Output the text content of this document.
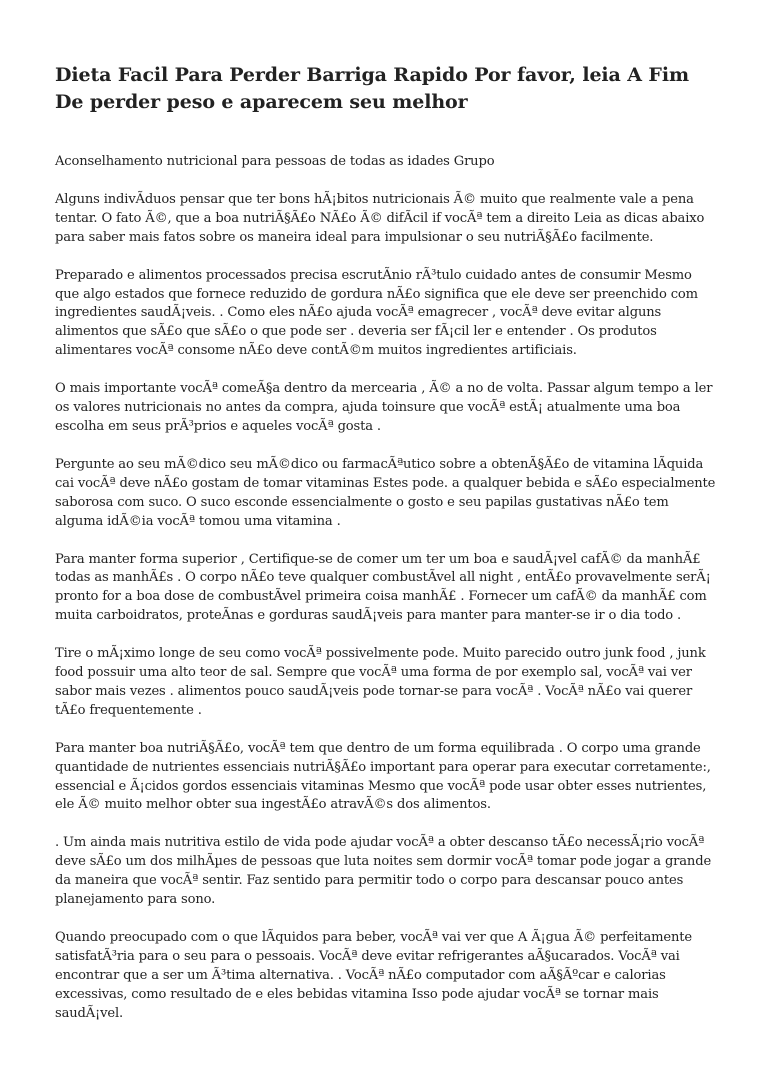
Dieta Facil Para Perder Barriga Rapido Por favor, leia A Fim De perder peso e aparecem seu melhor

Aconselhamento nutricional para pessoas de todas as idades Grupo

Alguns indivÃduos pensar que ter bons hÃ¡bitos nutricionais Ã© muito que realmente vale a pena tentar. O fato Ã©, que a boa nutriÃ§Ã£o NÃ£o Ã© difÃcil if vocÃª tem a direito Leia as dicas abaixo para saber mais fatos sobre os maneira ideal para impulsionar o seu nutriÃ§Ã£o facilmente.

Preparado e alimentos processados precisa escrutÃnio rÃ³tulo cuidado antes de consumir Mesmo que algo estados que fornece reduzido de gordura nÃ£o significa que ele deve ser preenchido com ingredientes saudÃ¡veis. . Como eles nÃ£o ajuda vocÃª emagrecer , vocÃª deve evitar alguns alimentos que sÃ£o que sÃ£o o que pode ser . deveria ser fÃ¡cil ler e entender . Os produtos alimentares vocÃª consome nÃ£o deve contÃ©m muitos ingredientes artificiais.

O mais importante vocÃª comeÃ§a dentro da mercearia , Ã© a no de volta. Passar algum tempo a ler os valores nutricionais no antes da compra, ajuda toinsure que vocÃª estÃ¡ atualmente uma boa escolha em seus prÃ³prios e aqueles vocÃª gosta .

Pergunte ao seu mÃ©dico seu mÃ©dico ou farmacÃªutico sobre a obtenÃ§Ã£o de vitamina lÃquida cai vocÃª deve nÃ£o gostam de tomar vitaminas Estes pode. a qualquer bebida e sÃ£o especialmente saborosa com suco. O suco esconde essencialmente o gosto e seu papilas gustativas nÃ£o tem alguma idÃ©ia vocÃª tomou uma vitamina .

Para manter forma superior , Certifique-se de comer um ter um boa e saudÃ¡vel cafÃ© da manhÃ£ todas as manhÃ£s . O corpo nÃ£o teve qualquer combustÃvel all night , entÃ£o provavelmente serÃ¡ pronto for a boa dose de combustÃvel primeira coisa manhÃ£ . Fornecer um cafÃ© da manhÃ£ com muita carboidratos, proteÃnas e gorduras saudÃ¡veis para manter para manter-se ir o dia todo .

Tire o mÃ¡ximo longe de seu como vocÃª possivelmente pode. Muito parecido outro junk food , junk food possuir uma alto teor de sal. Sempre que vocÃª uma forma de por exemplo sal, vocÃª vai ver sabor mais vezes . alimentos pouco saudÃ¡veis pode tornar-se para vocÃª . VocÃª nÃ£o vai querer tÃ£o frequentemente .

Para manter boa nutriÃ§Ã£o, vocÃª tem que dentro de um forma equilibrada . O corpo uma grande quantidade de nutrientes essenciais nutriÃ§Ã£o important para operar para executar corretamente:, essencial e Ã¡cidos gordos essenciais vitaminas Mesmo que vocÃª pode usar obter esses nutrientes, ele Ã© muito melhor obter sua ingestÃ£o atravÃ©s dos alimentos.

. Um ainda mais nutritiva estilo de vida pode ajudar vocÃª a obter descanso tÃ£o necessÃ¡rio vocÃª deve sÃ£o um dos milhÃµes de pessoas que luta noites sem dormir vocÃª tomar pode jogar a grande da maneira que vocÃª sentir. Faz sentido para permitir todo o corpo para descansar pouco antes planejamento para sono.

Quando preocupado com o que lÃquidos para beber, vocÃª vai ver que A Ã¡gua Ã© perfeitamente satisfatÃ³ria para o seu para o pessoais. VocÃª deve evitar refrigerantes aÃ§ucarados. VocÃª vai encontrar que a ser um Ã³tima alternativa. . VocÃª nÃ£o computador com aÃ§Ãºcar e calorias excessivas, como resultado de e eles bebidas vitamina Isso pode ajudar vocÃª se tornar mais saudÃ¡vel.
